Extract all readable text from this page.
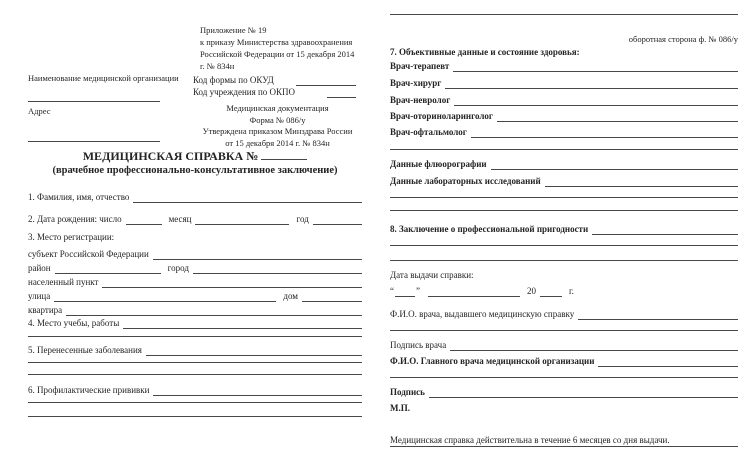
Наименование медицинской организации
Адрес
Приложение № 19
к приказу Министерства здравоохранения
Российской Федерации от 15 декабря 2014
г. № 834н
Код формы по ОКУД
Код учреждения по ОКПО
Медицинская документация
Форма № 086/у
Утверждена приказом Минздрава России
от 15 декабря 2014 г. № 834н
МЕДИЦИНСКАЯ СПРАВКА №
(врачебное профессионально-консультативное заключение)
1. Фамилия, имя, отчество
2. Дата рождения: число	месяц	год
3. Место регистрации:
субъект Российской Федерации
район	город
населенный пункт
улица	дом
квартира
4. Место учебы, работы
5. Перенесенные заболевания
6. Профилактические прививки
оборотная сторона ф. № 086/у
7. Объективные данные и состояние здоровья:
Врач-терапевт
Врач-хирург
Врач-невролог
Врач-оториноларинголог
Врач-офтальмолог
Данные флюорографии
Данные лабораторных исследований
8. Заключение о профессиональной пригодности
Дата выдачи справки:
“ ”	20	г.
Ф.И.О. врача, выдавшего медицинскую справку
Подпись врача
Ф.И.О. Главного врача медицинской организации
Подпись
М.П.
Медицинская справка действительна в течение 6 месяцев со дня выдачи.
